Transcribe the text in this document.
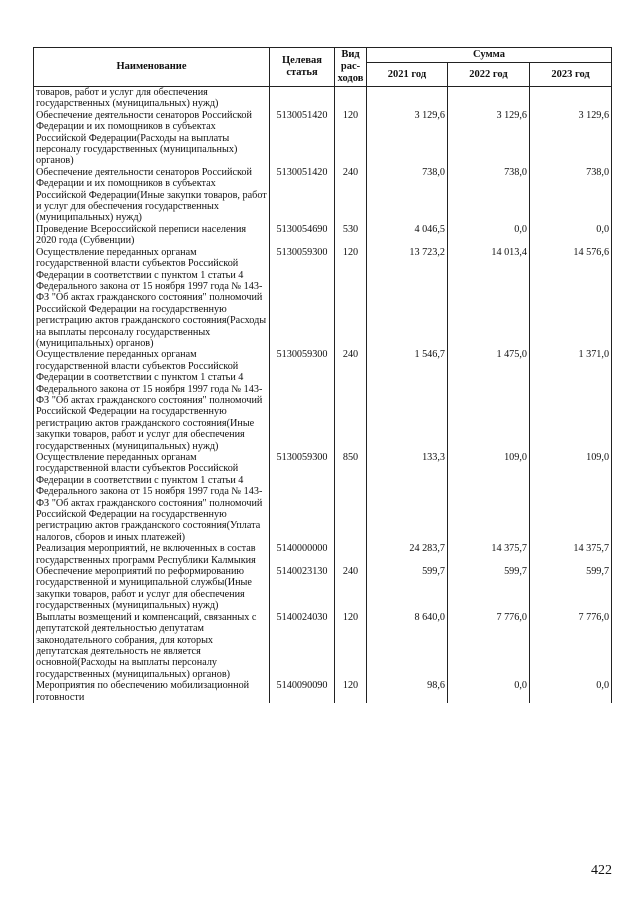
Наименование	Целевая статья	Вид рас-ходов	Сумма		
			2021 год	2022 год	2023 год
товаров, работ и услуг для обеспечения государственных (муниципальных) нужд)					
Обеспечение деятельности сенаторов Российской Федерации и их помощников в субъектах Российской Федерации(Расходы на выплаты персоналу государственных (муниципальных) органов)	5130051420	120	3 129,6	3 129,6	3 129,6
Обеспечение деятельности сенаторов Российской Федерации и их помощников в субъектах Российской Федерации(Иные закупки товаров, работ и услуг для обеспечения государственных (муниципальных) нужд)	5130051420	240	738,0	738,0	738,0
Проведение Всероссийской переписи населения 2020 года (Субвенции)	5130054690	530	4 046,5	0,0	0,0
Осуществление переданных органам государственной власти субъектов Российской Федерации в соответствии с пунктом 1 статьи 4 Федерального закона от 15 ноября 1997 года № 143-ФЗ "Об актах гражданского состояния" полномочий Российской Федерации на государственную регистрацию актов гражданского состояния(Расходы на выплаты персоналу государственных (муниципальных) органов)	5130059300	120	13 723,2	14 013,4	14 576,6
Осуществление переданных органам государственной власти субъектов Российской Федерации в соответствии с пунктом 1 статьи 4 Федерального закона от 15 ноября 1997 года № 143-ФЗ "Об актах гражданского состояния" полномочий Российской Федерации на государственную регистрацию актов гражданского состояния(Иные закупки товаров, работ и услуг для обеспечения государственных (муниципальных) нужд)	5130059300	240	1 546,7	1 475,0	1 371,0
Осуществление переданных органам государственной власти субъектов Российской Федерации в соответствии с пунктом 1 статьи 4 Федерального закона от 15 ноября 1997 года № 143-ФЗ "Об актах гражданского состояния" полномочий Российской Федерации на государственную регистрацию актов гражданского состояния(Уплата налогов, сборов и иных платежей)	5130059300	850	133,3	109,0	109,0
Реализация мероприятий, не включенных в состав государственных программ Республики Калмыкия	5140000000		24 283,7	14 375,7	14 375,7
Обеспечение мероприятий по реформированию государственной и муниципальной службы(Иные закупки товаров, работ и услуг для обеспечения государственных (муниципальных) нужд)	5140023130	240	599,7	599,7	599,7
Выплаты возмещений и компенсаций, связанных с депутатской деятельностью депутатам законодательного собрания, для которых депутатская деятельность не является основной(Расходы на выплаты персоналу государственных (муниципальных) органов)	5140024030	120	8 640,0	7 776,0	7 776,0
Мероприятия по обеспечению мобилизационной готовности	5140090090	120	98,6	0,0	0,0
422
